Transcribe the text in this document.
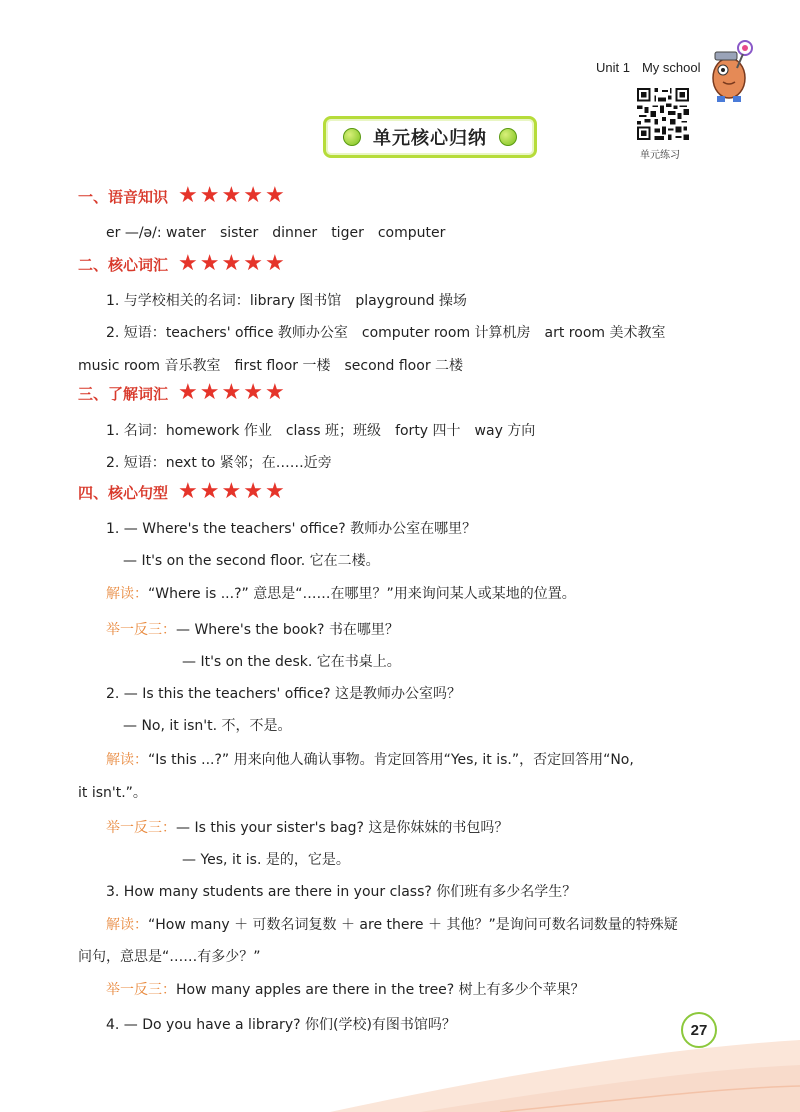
Unit 1 My school
单元练习
单元核心归纳
一、语音知识 ★ ★ ★ ★ ★
er —/ə/: water sister dinner tiger computer
二、核心词汇 ★ ★ ★ ★ ★
1. 与学校相关的名词：library 图书馆 playground 操场
2. 短语：teachers' office 教师办公室 computer room 计算机房 art room 美术教室
music room 音乐教室 first floor 一楼 second floor 二楼
三、了解词汇 ★ ★ ★ ★ ★
1. 名词：homework 作业 class 班；班级 forty 四十 way 方向
2. 短语：next to 紧邻；在……近旁
四、核心句型 ★ ★ ★ ★ ★
1. — Where's the teachers' office? 教师办公室在哪里？
— It's on the second floor. 它在二楼。
解读：“Where is ...?” 意思是“……在哪里？”用来询问某人或某地的位置。
举一反三：— Where's the book? 书在哪里？
— It's on the desk. 它在书桌上。
2. — Is this the teachers' office? 这是教师办公室吗？
— No, it isn't. 不，不是。
解读：“Is this ...?” 用来向他人确认事物。肯定回答用“Yes, it is.”，否定回答用“No,
it isn't.”。
举一反三：— Is this your sister's bag? 这是你妹妹的书包吗？
— Yes, it is. 是的，它是。
3. How many students are there in your class? 你们班有多少名学生？
解读：“How many ＋ 可数名词复数 ＋ are there ＋ 其他？”是询问可数名词数量的特殊疑
问句，意思是“……有多少？”
举一反三：How many apples are there in the tree? 树上有多少个苹果？
4. — Do you have a library? 你们(学校)有图书馆吗？	27
